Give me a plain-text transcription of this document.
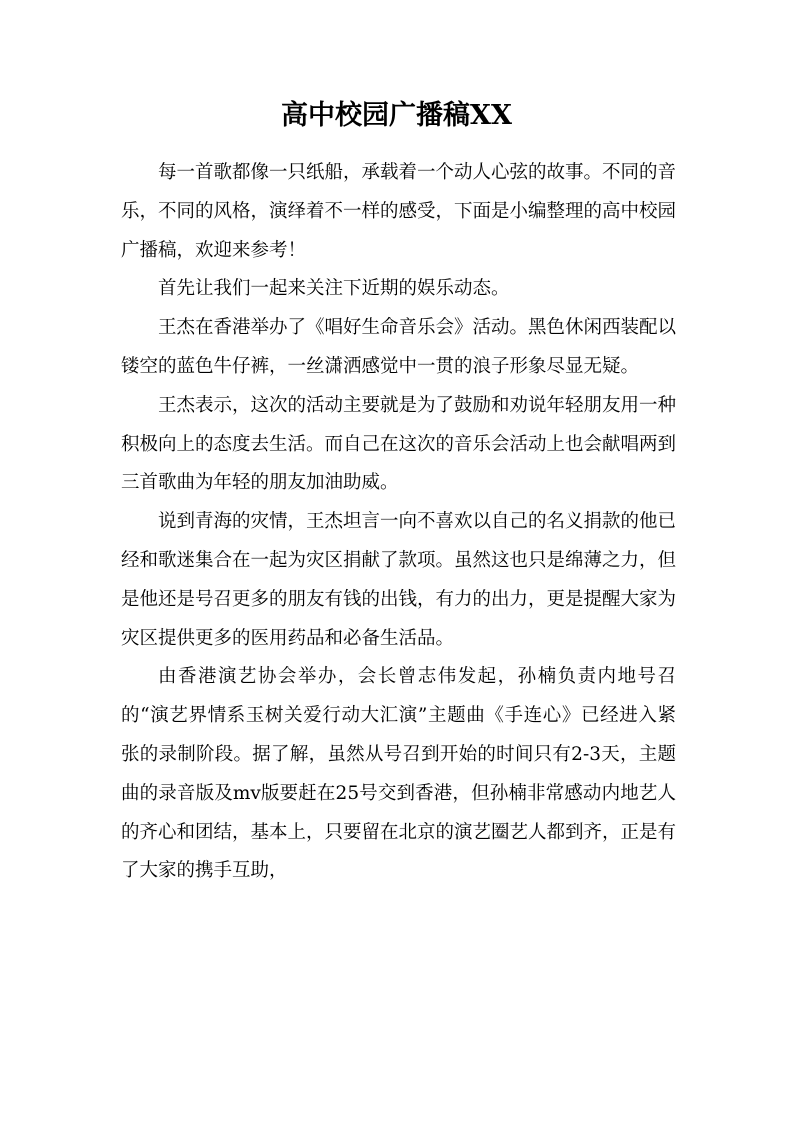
高中校园广播稿XX

每一首歌都像一只纸船，承载着一个动人心弦的故事。不同的音乐，不同的风格，演绎着不一样的感受，下面是小编整理的高中校园广播稿，欢迎来参考！

首先让我们一起来关注下近期的娱乐动态。

王杰在香港举办了《唱好生命音乐会》活动。黑色休闲西装配以镂空的蓝色牛仔裤，一丝潇洒感觉中一贯的浪子形象尽显无疑。

王杰表示，这次的活动主要就是为了鼓励和劝说年轻朋友用一种积极向上的态度去生活。而自己在这次的音乐会活动上也会献唱两到三首歌曲为年轻的朋友加油助威。

说到青海的灾情，王杰坦言一向不喜欢以自己的名义捐款的他已经和歌迷集合在一起为灾区捐献了款项。虽然这也只是绵薄之力，但是他还是号召更多的朋友有钱的出钱，有力的出力，更是提醒大家为灾区提供更多的医用药品和必备生活品。

由香港演艺协会举办，会长曾志伟发起，孙楠负责内地号召的“演艺界情系玉树关爱行动大汇演”主题曲《手连心》已经进入紧张的录制阶段。据了解，虽然从号召到开始的时间只有2-3天，主题曲的录音版及mv版要赶在25号交到香港，但孙楠非常感动内地艺人的齐心和团结，基本上，只要留在北京的演艺圈艺人都到齐，正是有了大家的携手互助，
